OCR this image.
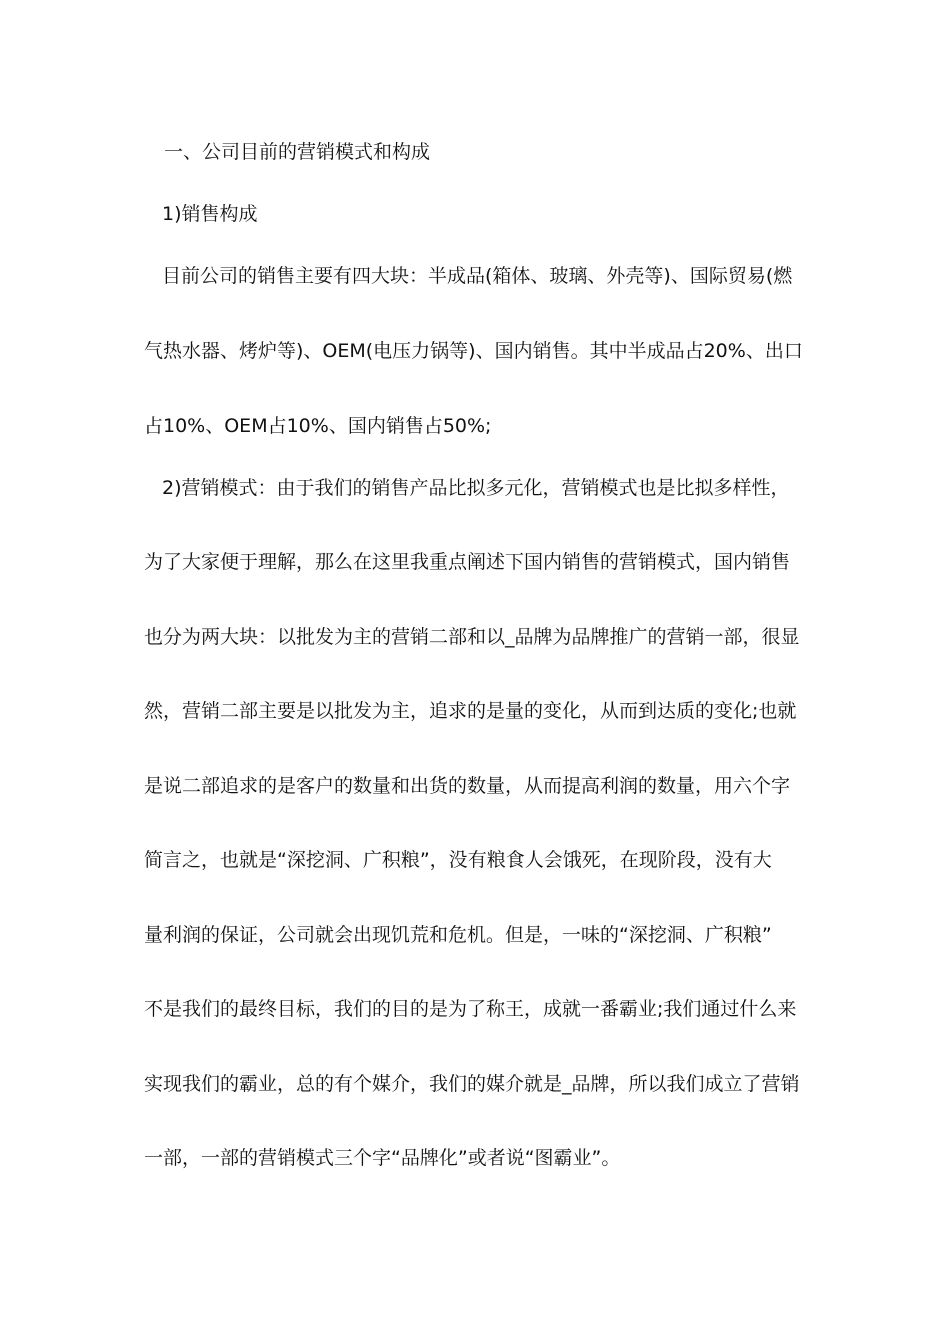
一、公司目前的营销模式和构成
1)销售构成
目前公司的销售主要有四大块：半成品(箱体、玻璃、外壳等)、国际贸易(燃
气热水器、烤炉等)、OEM(电压力锅等)、国内销售。其中半成品占20%、出口
占10%、OEM占10%、国内销售占50%;
2)营销模式：由于我们的销售产品比拟多元化，营销模式也是比拟多样性，
为了大家便于理解，那么在这里我重点阐述下国内销售的营销模式，国内销售
也分为两大块：以批发为主的营销二部和以_品牌为品牌推广的营销一部，很显
然，营销二部主要是以批发为主，追求的是量的变化，从而到达质的变化;也就
是说二部追求的是客户的数量和出货的数量，从而提高利润的数量，用六个字
简言之，也就是“深挖洞、广积粮”，没有粮食人会饿死，在现阶段，没有大
量利润的保证，公司就会出现饥荒和危机。但是，一味的“深挖洞、广积粮”
不是我们的最终目标，我们的目的是为了称王，成就一番霸业;我们通过什么来
实现我们的霸业，总的有个媒介，我们的媒介就是_品牌，所以我们成立了营销
一部，一部的营销模式三个字“品牌化”或者说“图霸业”。
